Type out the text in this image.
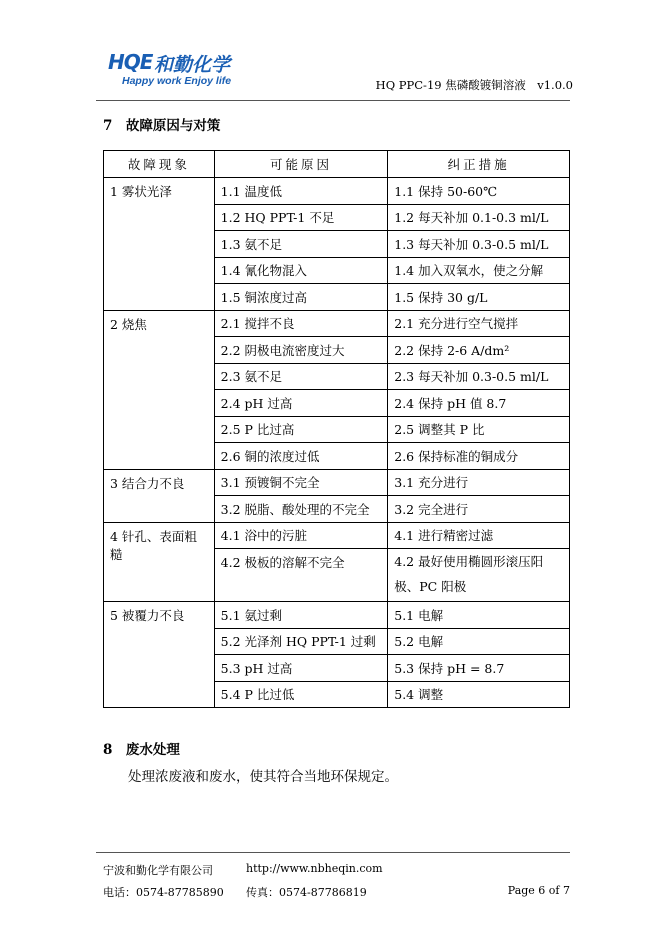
HQE 和勤化学
Happy work Enjoy life	HQ PPC-19 焦磷酸镀铜溶液　v1.0.0
7　故障原因与对策
故障现象	可能原因	纠正措施
1 雾状光泽	1.1 温度低	1.1 保持 50-60℃
	1.2 HQ PPT-1 不足	1.2 每天补加 0.1-0.3 ml/L
	1.3 氨不足	1.3 每天补加 0.3-0.5 ml/L
	1.4 氰化物混入	1.4 加入双氧水，使之分解
	1.5 铜浓度过高	1.5 保持 30 g/L
2 烧焦	2.1 搅拌不良	2.1 充分进行空气搅拌
	2.2 阴极电流密度过大	2.2 保持 2-6 A/dm²
	2.3 氨不足	2.3 每天补加 0.3-0.5 ml/L
	2.4 pH 过高	2.4 保持 pH 值 8.7
	2.5 P 比过高	2.5 调整其 P 比
	2.6 铜的浓度过低	2.6 保持标准的铜成分
3 结合力不良	3.1 预镀铜不完全	3.1 充分进行
	3.2 脱脂、酸处理的不完全	3.2 完全进行
4 针孔、表面粗糙	4.1 浴中的污脏	4.1 进行精密过滤
	4.2 极板的溶解不完全	4.2 最好使用椭圆形滚压阳极、PC 阳极
5 被覆力不良	5.1 氨过剩	5.1 电解
	5.2 光泽剂 HQ PPT-1 过剩	5.2 电解
	5.3 pH 过高	5.3 保持 pH = 8.7
	5.4 P 比过低	5.4 调整
8　废水处理
处理浓废液和废水，使其符合当地环保规定。
宁波和勤化学有限公司	http://www.nbheqin.com
电话：0574-87785890 传真：0574-87786819	Page 6 of 7
